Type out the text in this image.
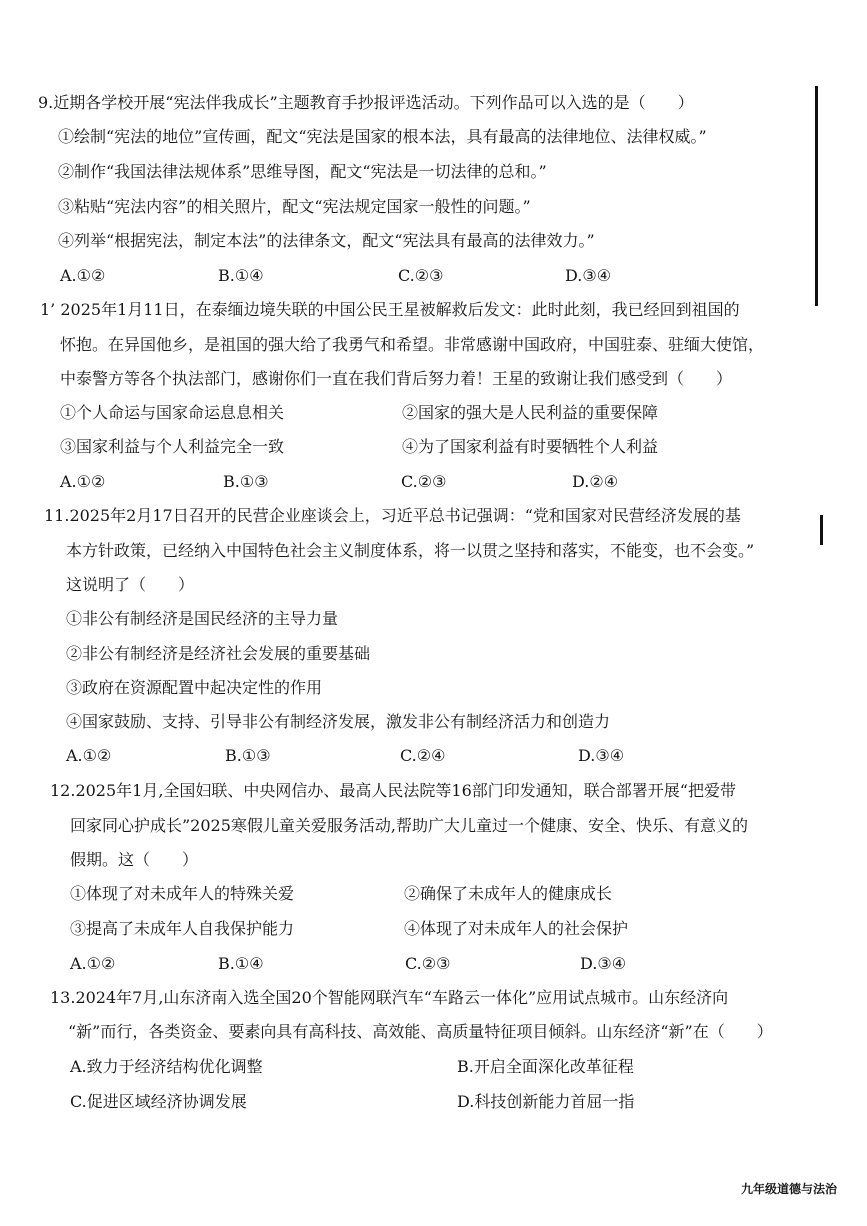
9.近期各学校开展“宪法伴我成长”主题教育手抄报评选活动。下列作品可以入选的是（　　）
①绘制“宪法的地位”宣传画，配文“宪法是国家的根本法，具有最高的法律地位、法律权威。”
②制作“我国法律法规体系”思维导图，配文“宪法是一切法律的总和。”
③粘贴“宪法内容”的相关照片，配文“宪法规定国家一般性的问题。”
④列举“根据宪法，制定本法”的法律条文，配文“宪法具有最高的法律效力。”
A.①②	B.①④	C.②③	D.③④
1’ 2025年1月11日，在泰缅边境失联的中国公民王星被解救后发文：此时此刻，我已经回到祖国的
怀抱。在异国他乡，是祖国的强大给了我勇气和希望。非常感谢中国政府，中国驻泰、驻缅大使馆，
中泰警方等各个执法部门，感谢你们一直在我们背后努力着！王星的致谢让我们感受到（　　）
①个人命运与国家命运息息相关	②国家的强大是人民利益的重要保障
③国家利益与个人利益完全一致	④为了国家利益有时要牺牲个人利益
A.①②	B.①③	C.②③	D.②④
11.2025年2月17日召开的民营企业座谈会上，习近平总书记强调：“党和国家对民营经济发展的基
本方针政策，已经纳入中国特色社会主义制度体系，将一以贯之坚持和落实，不能变，也不会变。”
这说明了（　　）
①非公有制经济是国民经济的主导力量
②非公有制经济是经济社会发展的重要基础
③政府在资源配置中起决定性的作用
④国家鼓励、支持、引导非公有制经济发展，激发非公有制经济活力和创造力
A.①②	B.①③	C.②④	D.③④
12.2025年1月,全国妇联、中央网信办、最高人民法院等16部门印发通知，联合部署开展“把爱带
回家同心护成长”2025寒假儿童关爱服务活动,帮助广大儿童过一个健康、安全、快乐、有意义的
假期。这（　　）
①体现了对未成年人的特殊关爱	②确保了未成年人的健康成长
③提高了未成年人自我保护能力	④体现了对未成年人的社会保护
A.①②	B.①④	C.②③	D.③④
13.2024年7月,山东济南入选全国20个智能网联汽车“车路云一体化”应用试点城市。山东经济向
“新”而行，各类资金、要素向具有高科技、高效能、高质量特征项目倾斜。山东经济“新”在（　　）
A.致力于经济结构优化调整	B.开启全面深化改革征程
C.促进区域经济协调发展	D.科技创新能力首屈一指
九年级道德与法治
